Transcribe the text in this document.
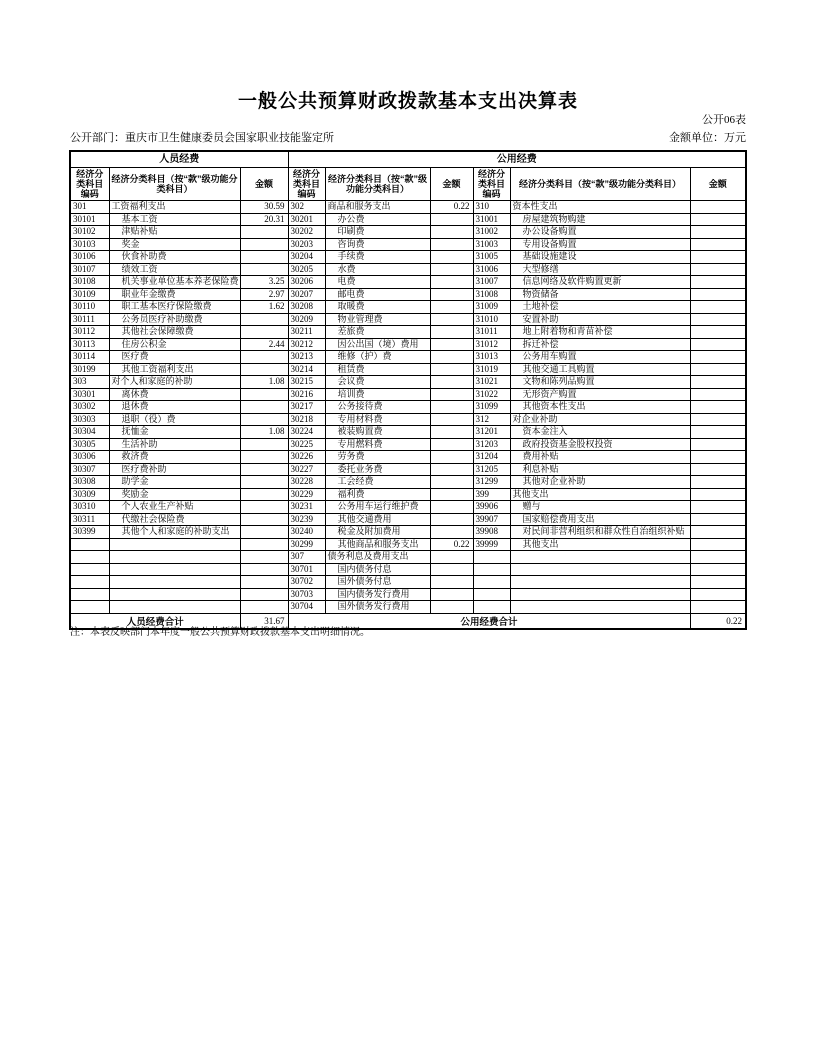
一般公共预算财政拨款基本支出决算表
公开06表
金额单位：万元
公开部门：重庆市卫生健康委员会国家职业技能鉴定所
人员经费			公用经费					
经济分类科目编码	经济分类科目（按“款”级功能分类科目）	金额	经济分类科目编码	经济分类科目（按“款”级功能分类科目）	金额	经济分类科目编码	经济分类科目（按“款”级功能分类科目）	金额
301	工资福利支出	30.59	302	商品和服务支出	0.22	310	资本性支出	
30101	基本工资	20.31	30201	办公费		31001	房屋建筑物购建	
30102	津贴补贴		30202	印刷费		31002	办公设备购置	
30103	奖金		30203	咨询费		31003	专用设备购置	
30106	伙食补助费		30204	手续费		31005	基础设施建设	
30107	绩效工资		30205	水费		31006	大型修缮	
30108	机关事业单位基本养老保险费	3.25	30206	电费		31007	信息网络及软件购置更新	
30109	职业年金缴费	2.97	30207	邮电费		31008	物资储备	
30110	职工基本医疗保险缴费	1.62	30208	取暖费		31009	土地补偿	
30111	公务员医疗补助缴费		30209	物业管理费		31010	安置补助	
30112	其他社会保障缴费		30211	差旅费		31011	地上附着物和青苗补偿	
30113	住房公积金	2.44	30212	因公出国（境）费用		31012	拆迁补偿	
30114	医疗费		30213	维修（护）费		31013	公务用车购置	
30199	其他工资福利支出		30214	租赁费		31019	其他交通工具购置	
303	对个人和家庭的补助	1.08	30215	会议费		31021	文物和陈列品购置	
30301	离休费		30216	培训费		31022	无形资产购置	
30302	退休费		30217	公务接待费		31099	其他资本性支出	
30303	退职（役）费		30218	专用材料费		312	对企业补助	
30304	抚恤金	1.08	30224	被装购置费		31201	资本金注入	
30305	生活补助		30225	专用燃料费		31203	政府投资基金股权投资	
30306	救济费		30226	劳务费		31204	费用补贴	
30307	医疗费补助		30227	委托业务费		31205	利息补贴	
30308	助学金		30228	工会经费		31299	其他对企业补助	
30309	奖励金		30229	福利费		399	其他支出	
30310	个人农业生产补贴		30231	公务用车运行维护费		39906	赠与	
30311	代缴社会保险费		30239	其他交通费用		39907	国家赔偿费用支出	
30399	其他个人和家庭的补助支出		30240	税金及附加费用		39908	对民间非营利组织和群众性自治组织补贴	
			30299	其他商品和服务支出	0.22	39999	其他支出	
			307	债务利息及费用支出				
			30701	国内债务付息				
			30702	国外债务付息				
			30703	国内债务发行费用				
			30704	国外债务发行费用				
人员经费合计		31.67	公用经费合计					0.22
注：本表反映部门本年度一般公共预算财政拨款基本支出明细情况。
